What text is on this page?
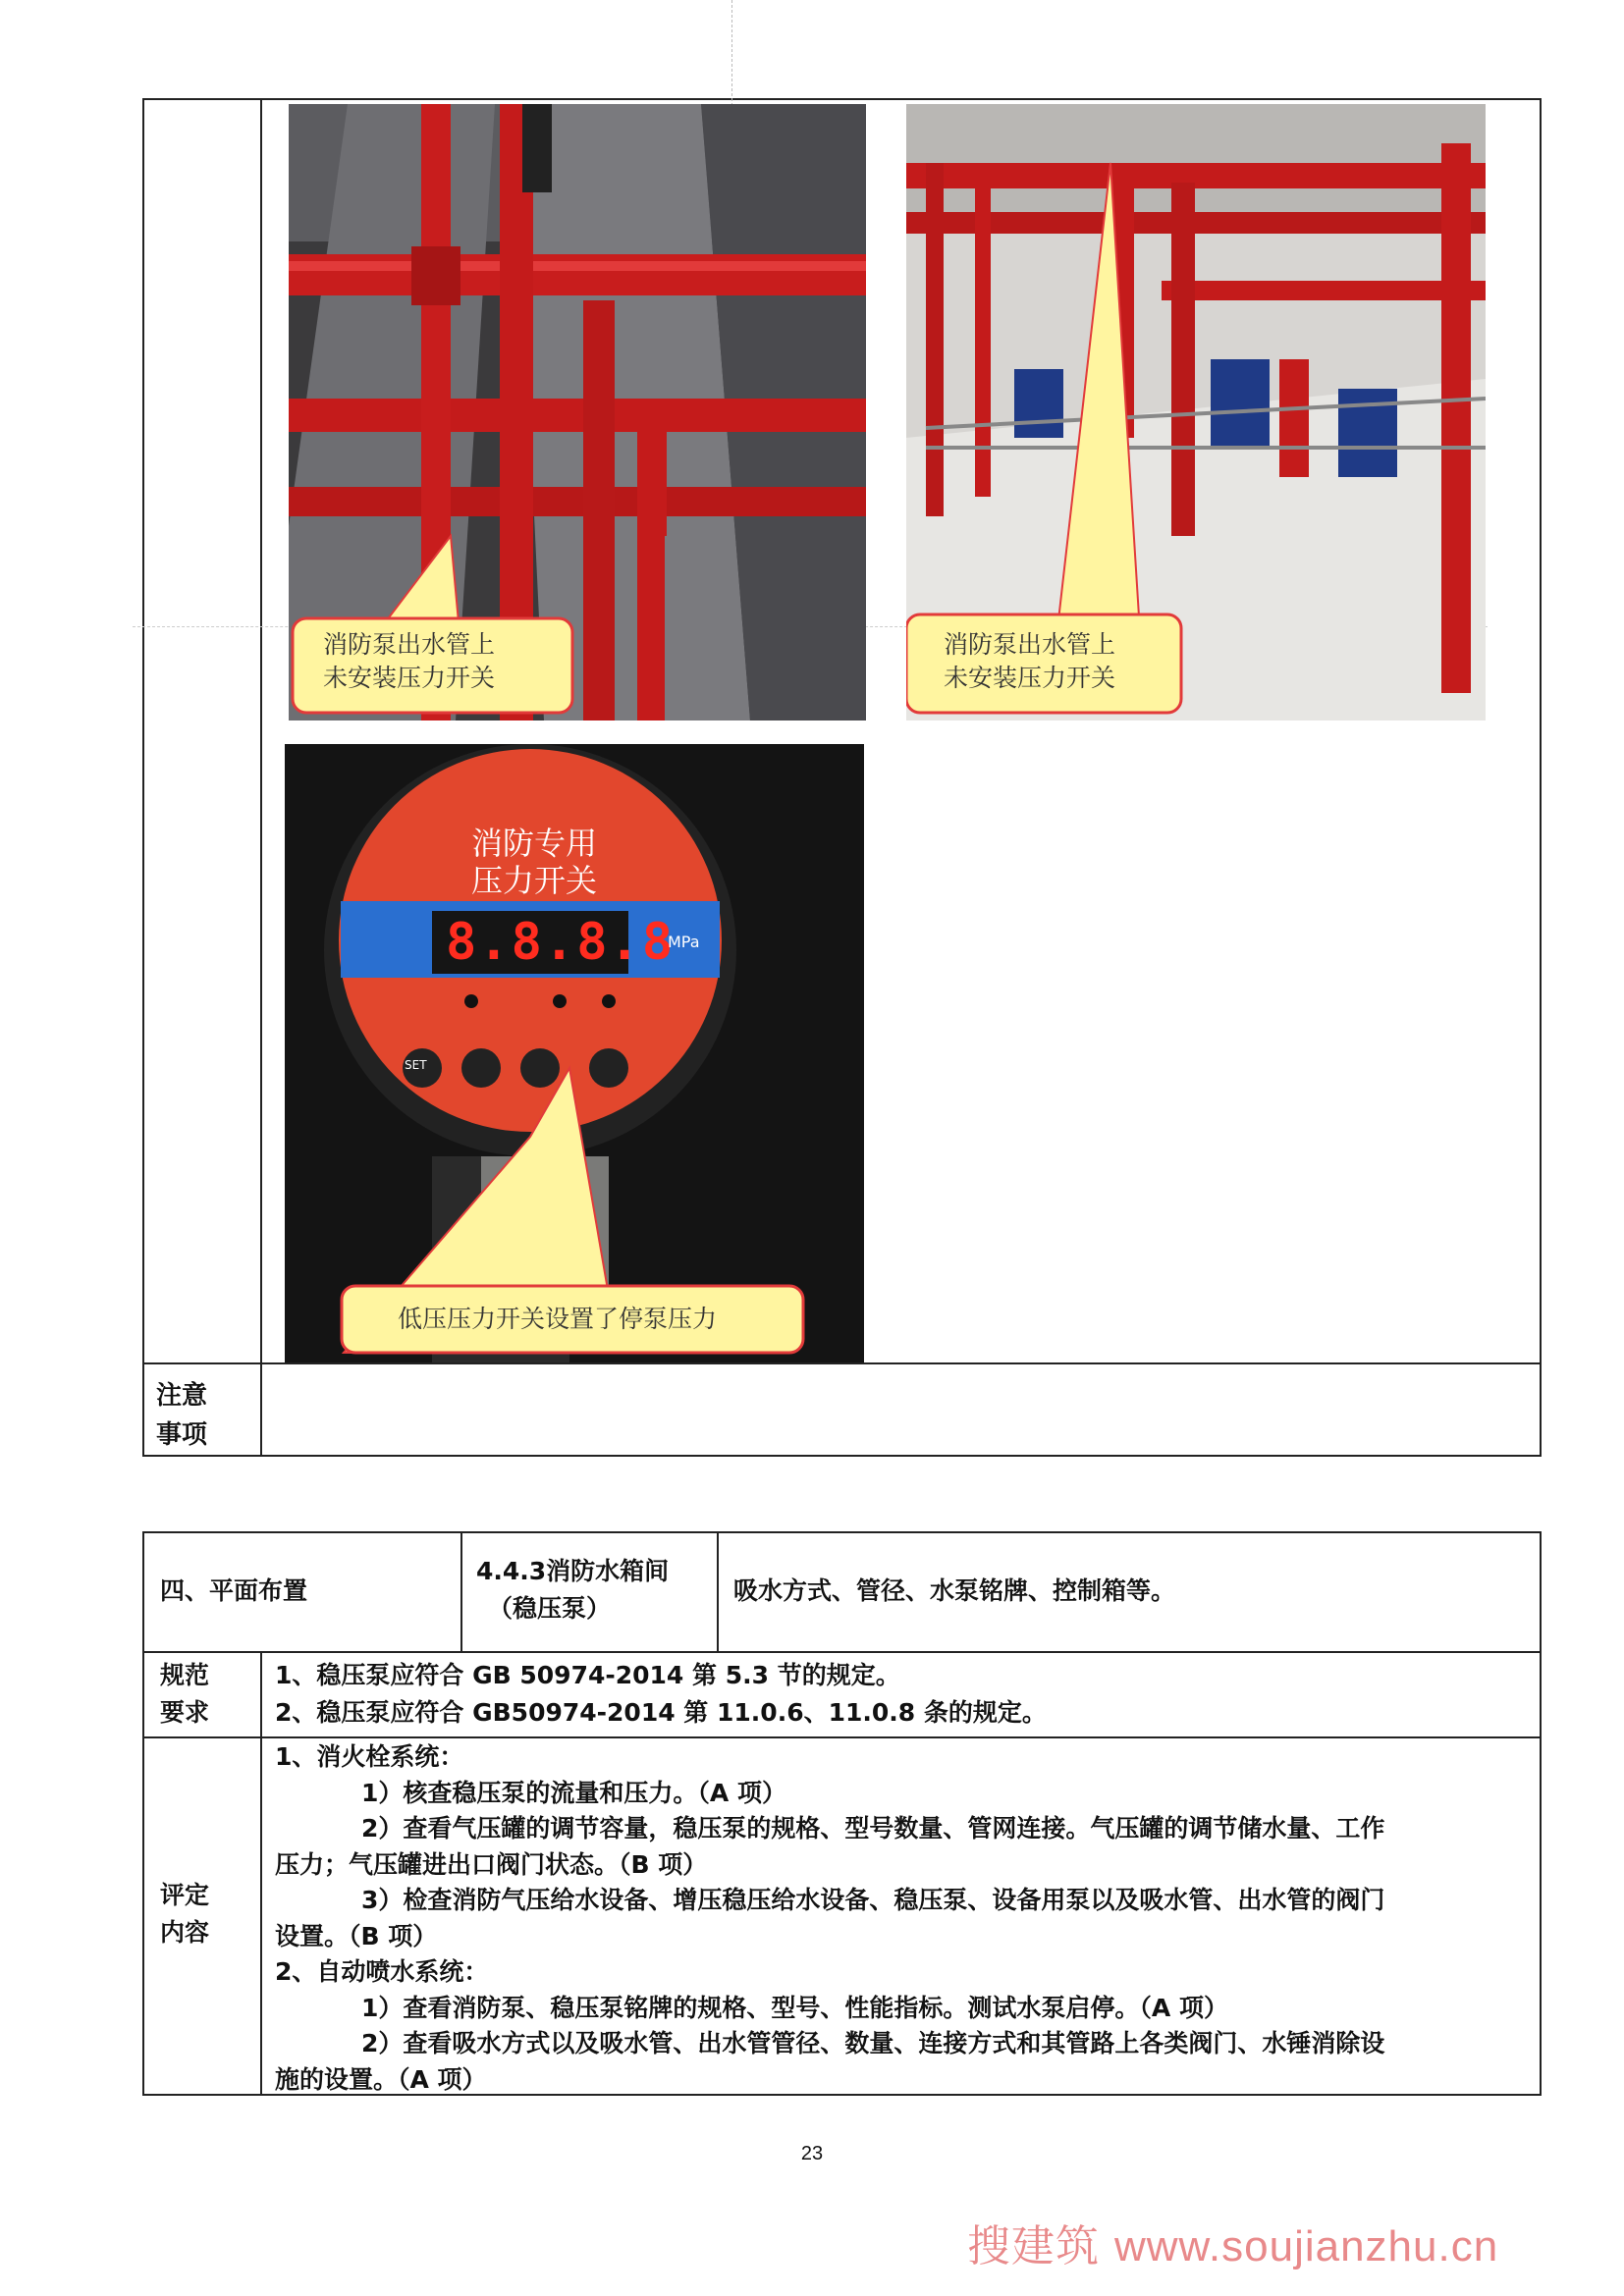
注意
事项
消防泵出水管上
未安装压力开关
消防泵出水管上
未安装压力开关
消防专用
压力开关
8.8.8.8
MPa
SET
低压压力开关设置了停泵压力
四、平面布置
4.4.3消防水箱间
（稳压泵）
吸水方式、管径、水泵铭牌、控制箱等。
规范
要求
1、稳压泵应符合 GB 50974-2014 第 5.3 节的规定。
2、稳压泵应符合 GB50974-2014 第 11.0.6、11.0.8 条的规定。
评定
内容
1、消火栓系统：
1）核查稳压泵的流量和压力。（A 项）
2）查看气压罐的调节容量，稳压泵的规格、型号数量、管网连接。气压罐的调节储水量、工作
压力；气压罐进出口阀门状态。（B 项）
3）检查消防气压给水设备、增压稳压给水设备、稳压泵、设备用泵以及吸水管、出水管的阀门
设置。（B 项）
2、自动喷水系统：
1）查看消防泵、稳压泵铭牌的规格、型号、性能指标。测试水泵启停。（A 项）
2）查看吸水方式以及吸水管、出水管管径、数量、连接方式和其管路上各类阀门、水锤消除设
施的设置。（A 项）
23
搜建筑 www.soujianzhu.cn
